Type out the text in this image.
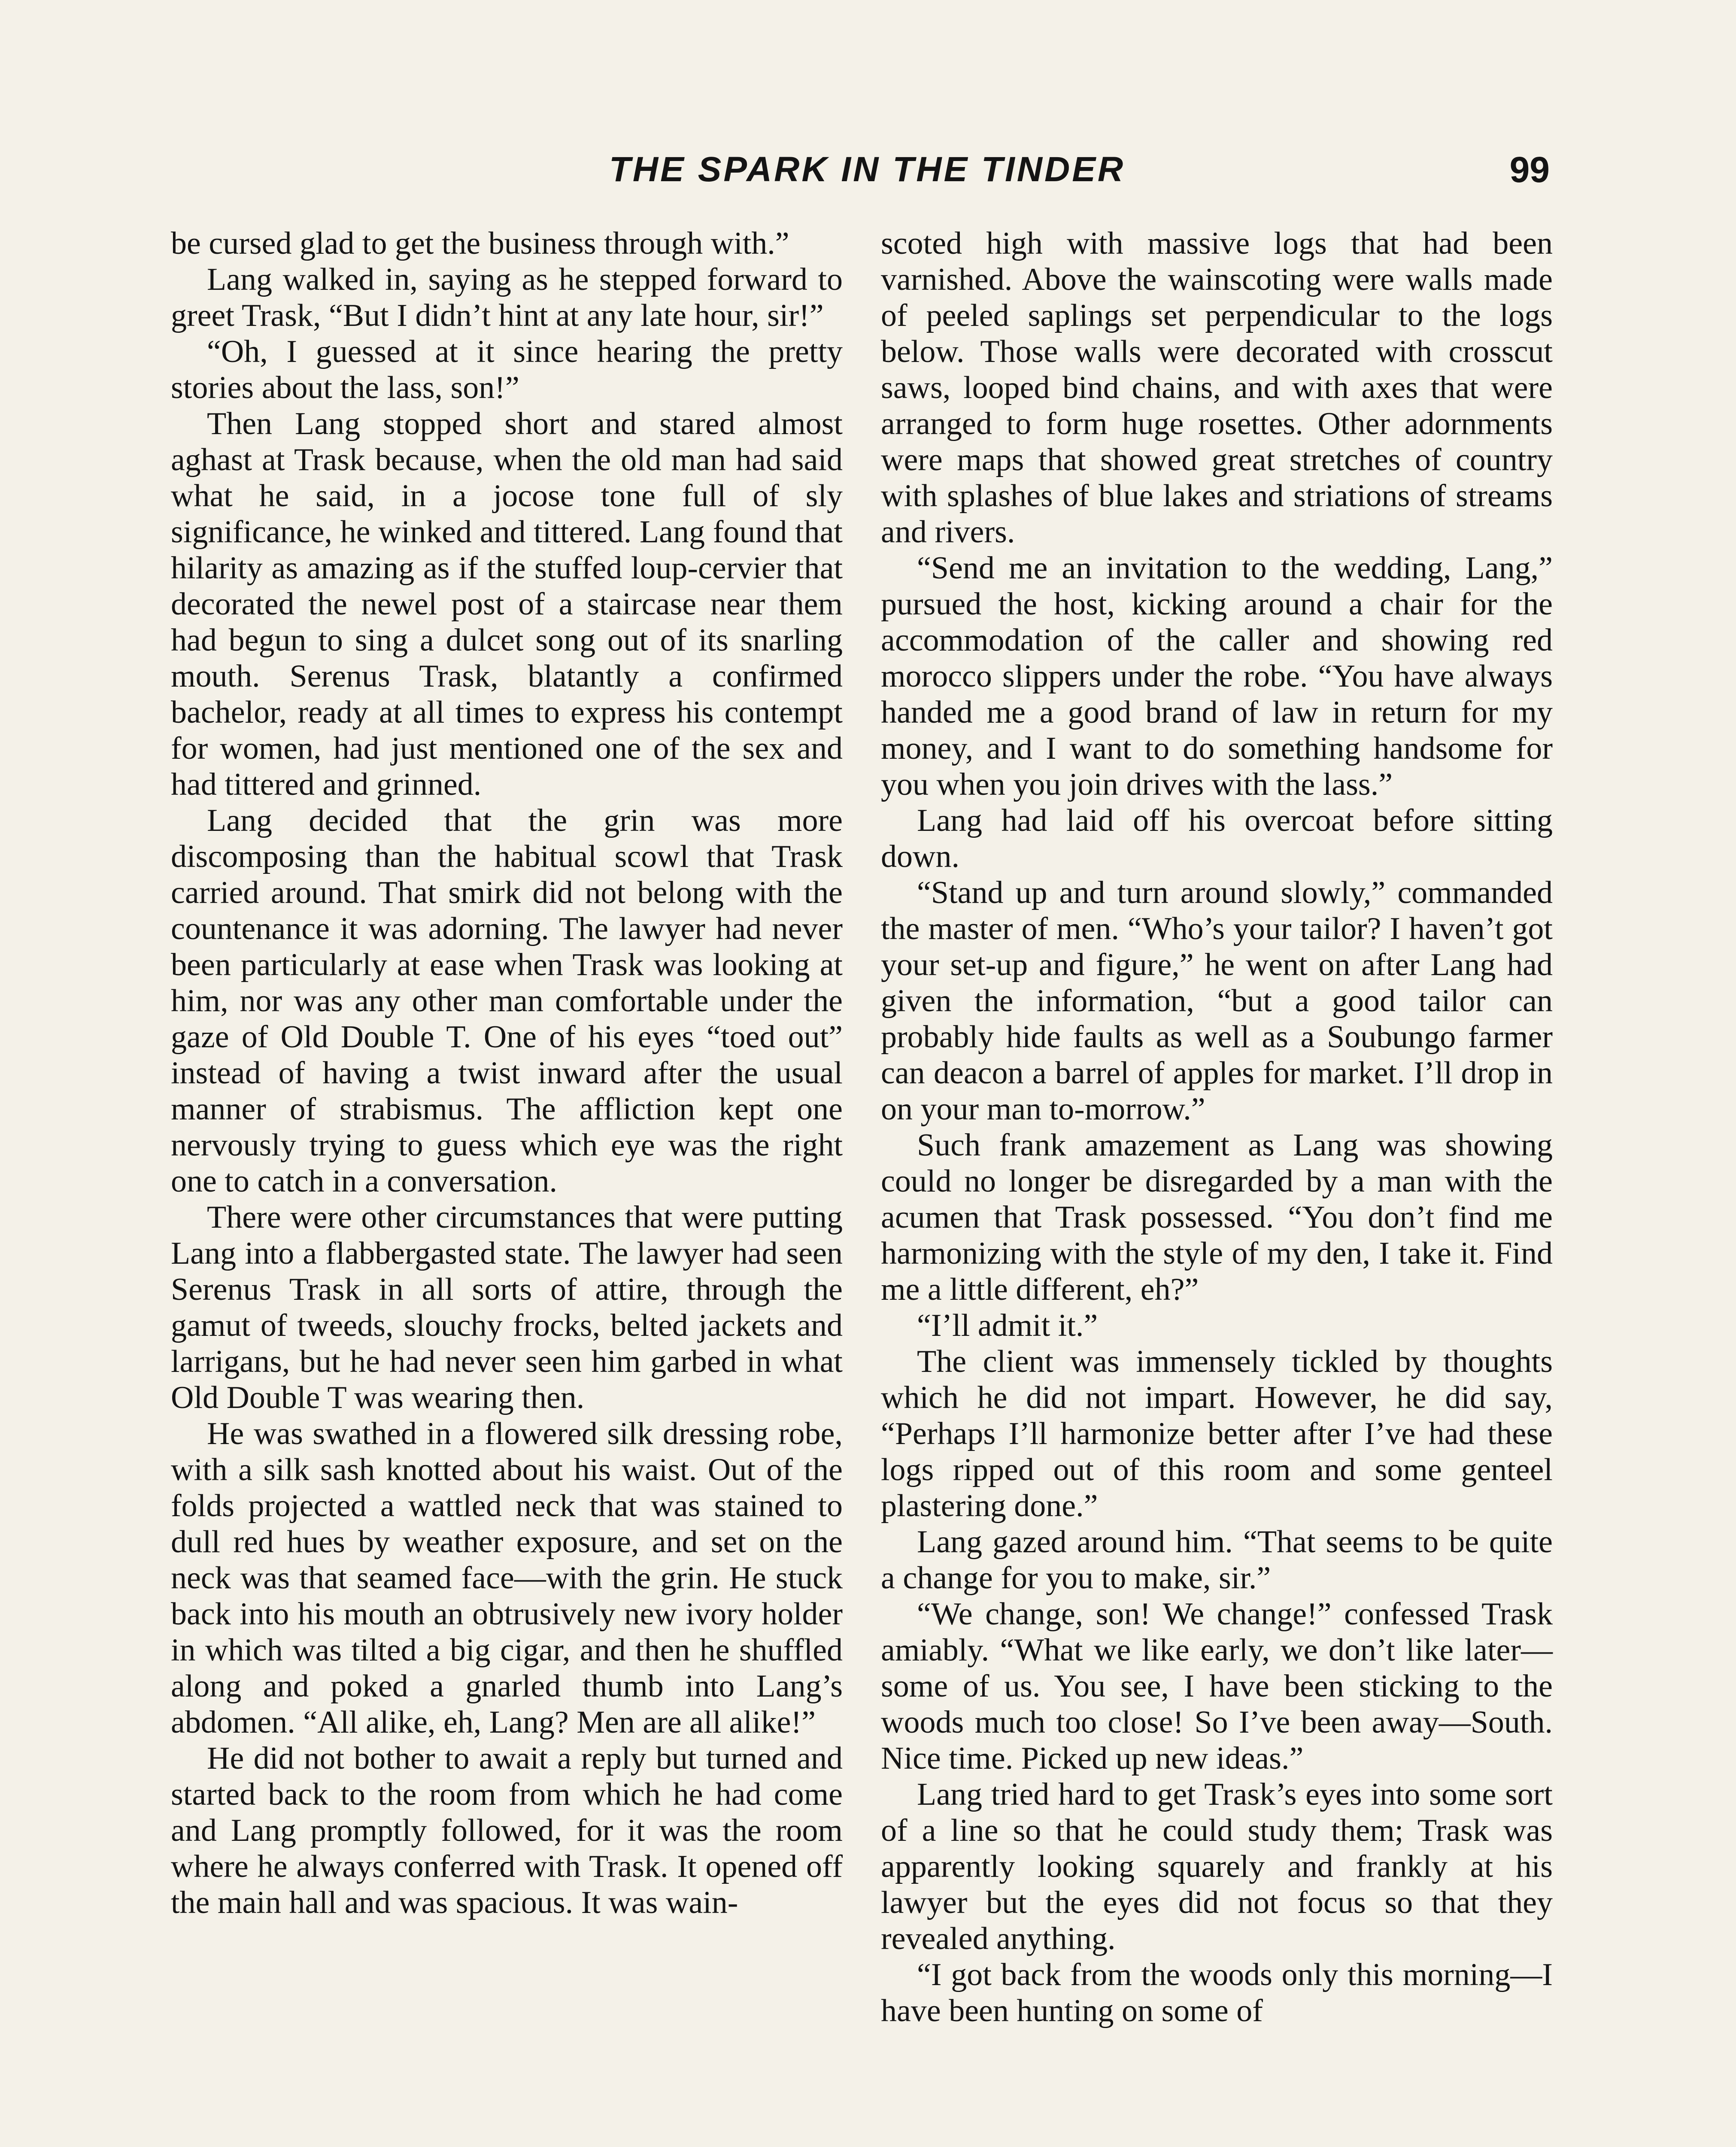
THE SPARK IN THE TINDER	99

be cursed glad to get the business through with.”

Lang walked in, saying as he stepped forward to greet Trask, “But I didn’t hint at any late hour, sir!”

“Oh, I guessed at it since hearing the pretty stories about the lass, son!”

Then Lang stopped short and stared almost aghast at Trask because, when the old man had said what he said, in a jocose tone full of sly significance, he winked and tittered. Lang found that hilarity as amazing as if the stuffed loup-cervier that decorated the newel post of a staircase near them had begun to sing a dulcet song out of its snarling mouth. Serenus Trask, blatantly a confirmed bachelor, ready at all times to express his contempt for women, had just mentioned one of the sex and had tittered and grinned.

Lang decided that the grin was more discomposing than the habitual scowl that Trask carried around. That smirk did not belong with the countenance it was adorning. The lawyer had never been particularly at ease when Trask was looking at him, nor was any other man comfortable under the gaze of Old Double T. One of his eyes “toed out” instead of having a twist inward after the usual manner of strabismus. The affliction kept one nervously trying to guess which eye was the right one to catch in a conversation.

There were other circumstances that were putting Lang into a flabbergasted state. The lawyer had seen Serenus Trask in all sorts of attire, through the gamut of tweeds, slouchy frocks, belted jackets and larrigans, but he had never seen him garbed in what Old Double T was wearing then.

He was swathed in a flowered silk dressing robe, with a silk sash knotted about his waist. Out of the folds projected a wattled neck that was stained to dull red hues by weather exposure, and set on the neck was that seamed face—with the grin. He stuck back into his mouth an obtrusively new ivory holder in which was tilted a big cigar, and then he shuffled along and poked a gnarled thumb into Lang’s abdomen. “All alike, eh, Lang? Men are all alike!”

He did not bother to await a reply but turned and started back to the room from which he had come and Lang promptly followed, for it was the room where he always conferred with Trask. It opened off the main hall and was spacious. It was wain-

scoted high with massive logs that had been varnished. Above the wainscoting were walls made of peeled saplings set perpendicular to the logs below. Those walls were decorated with crosscut saws, looped bind chains, and with axes that were arranged to form huge rosettes. Other adornments were maps that showed great stretches of country with splashes of blue lakes and striations of streams and rivers.

“Send me an invitation to the wedding, Lang,” pursued the host, kicking around a chair for the accommodation of the caller and showing red morocco slippers under the robe. “You have always handed me a good brand of law in return for my money, and I want to do something handsome for you when you join drives with the lass.”

Lang had laid off his overcoat before sitting down.

“Stand up and turn around slowly,” commanded the master of men. “Who’s your tailor? I haven’t got your set-up and figure,” he went on after Lang had given the information, “but a good tailor can probably hide faults as well as a Soubungo farmer can deacon a barrel of apples for market. I’ll drop in on your man to-morrow.”

Such frank amazement as Lang was showing could no longer be disregarded by a man with the acumen that Trask possessed. “You don’t find me harmonizing with the style of my den, I take it. Find me a little different, eh?”

“I’ll admit it.”

The client was immensely tickled by thoughts which he did not impart. However, he did say, “Perhaps I’ll harmonize better after I’ve had these logs ripped out of this room and some genteel plastering done.”

Lang gazed around him. “That seems to be quite a change for you to make, sir.”

“We change, son! We change!” confessed Trask amiably. “What we like early, we don’t like later—some of us. You see, I have been sticking to the woods much too close! So I’ve been away—South. Nice time. Picked up new ideas.”

Lang tried hard to get Trask’s eyes into some sort of a line so that he could study them; Trask was apparently looking squarely and frankly at his lawyer but the eyes did not focus so that they revealed anything.

“I got back from the woods only this morning—I have been hunting on some of
